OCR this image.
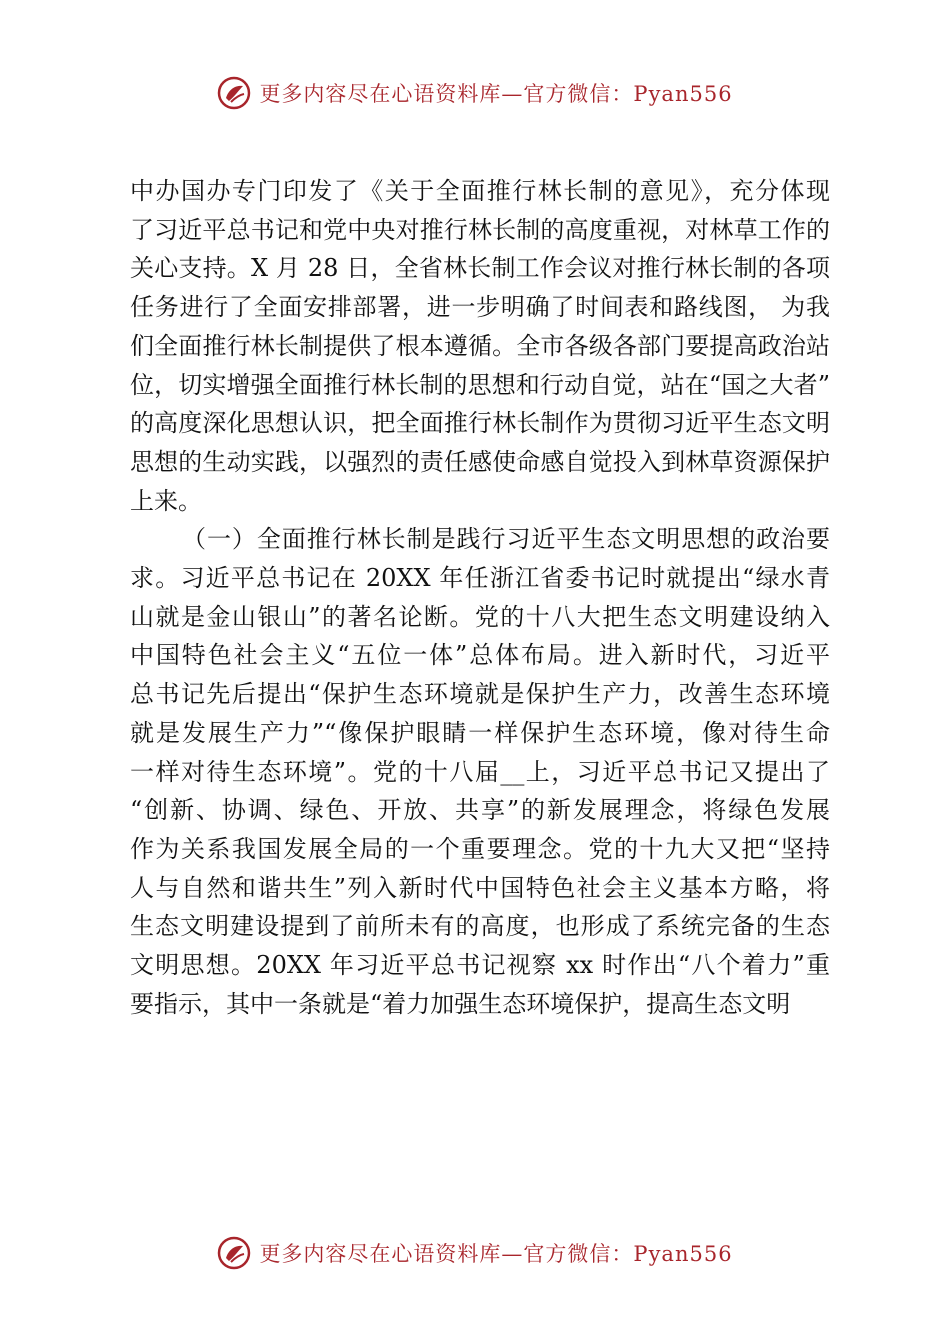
更多内容尽在心语资料库—官方微信：Pyan556

中办国办专门印发了《关于全面推行林长制的意见》，充分体现
了习近平总书记和党中央对推行林长制的高度重视，对林草工作的
关心支持。X 月 28 日，全省林长制工作会议对推行林长制的各项
任务进行了全面安排部署，进一步明确了时间表和路线图， 为我
们全面推行林长制提供了根本遵循。全市各级各部门要提高政治站
位，切实增强全面推行林长制的思想和行动自觉，站在“国之大者”
的高度深化思想认识，把全面推行林长制作为贯彻习近平生态文明
思想的生动实践，以强烈的责任感使命感自觉投入到林草资源保护
上来。

（一）全面推行林长制是践行习近平生态文明思想的政治要
求。习近平总书记在 20XX 年任浙江省委书记时就提出“绿水青
山就是金山银山”的著名论断。党的十八大把生态文明建设纳入
中国特色社会主义“五位一体”总体布局。进入新时代，习近平
总书记先后提出“保护生态环境就是保护生产力，改善生态环境
就是发展生产力”“像保护眼睛一样保护生态环境，像对待生命
一样对待生态环境”。党的十八届__上，习近平总书记又提出了
“创新、协调、绿色、开放、共享”的新发展理念，将绿色发展
作为关系我国发展全局的一个重要理念。党的十九大又把“坚持
人与自然和谐共生”列入新时代中国特色社会主义基本方略，将
生态文明建设提到了前所未有的高度，也形成了系统完备的生态
文明思想。20XX 年习近平总书记视察 xx 时作出“八个着力”重
要指示，其中一条就是“着力加强生态环境保护，提高生态文明

更多内容尽在心语资料库—官方微信：Pyan556
